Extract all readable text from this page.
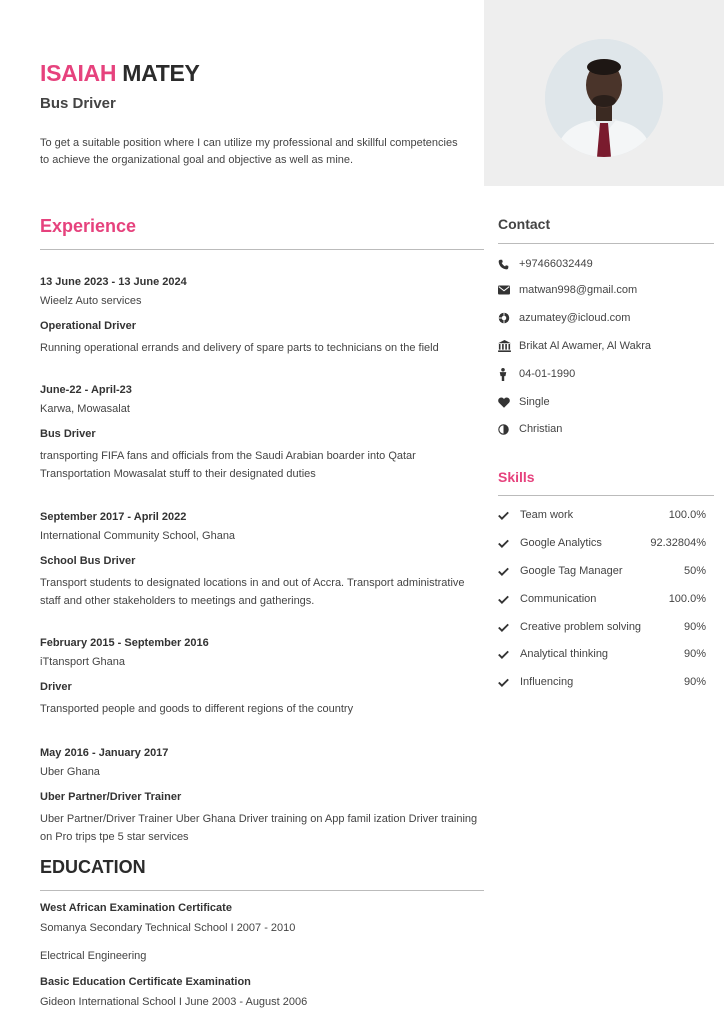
ISAIAH MATEY
Bus Driver
To get a suitable position where I can utilize my professional and skillful competencies to achieve the organizational goal and objective as well as mine.
Experience
13 June 2023 - 13 June 2024
Wieelz Auto services
Operational Driver
Running operational errands and delivery of spare parts to technicians on the field
June-22 - April-23
Karwa, Mowasalat
Bus Driver
transporting FIFA fans and officials from the Saudi Arabian boarder into Qatar Transportation Mowasalat stuff to their designated duties
September 2017 - April 2022
International Community School, Ghana
School Bus Driver
Transport students to designated locations in and out of Accra. Transport administrative staff and other stakeholders to meetings and gatherings.
February 2015 - September 2016
iTtansport Ghana
Driver
Transported people and goods to different regions of the country
May 2016 - January 2017
Uber Ghana
Uber Partner/Driver Trainer
Uber Partner/Driver Trainer Uber Ghana Driver training on App famil ization Driver training on Pro trips tpe 5 star services
EDUCATION
West African Examination Certificate
Somanya Secondary Technical School I 2007 - 2010
Electrical Engineering
Basic Education Certificate Examination
Gideon International School I June 2003 - August 2006
Contact
+97466032449
matwan998@gmail.com
azumatey@icloud.com
Brikat Al Awamer, Al Wakra
04-01-1990
Single
Christian
Skills
Team work	100.0%
Google Analytics	92.32804%
Google Tag Manager	50%
Communication	100.0%
Creative problem solving	90%
Analytical thinking	90%
Influencing	90%
